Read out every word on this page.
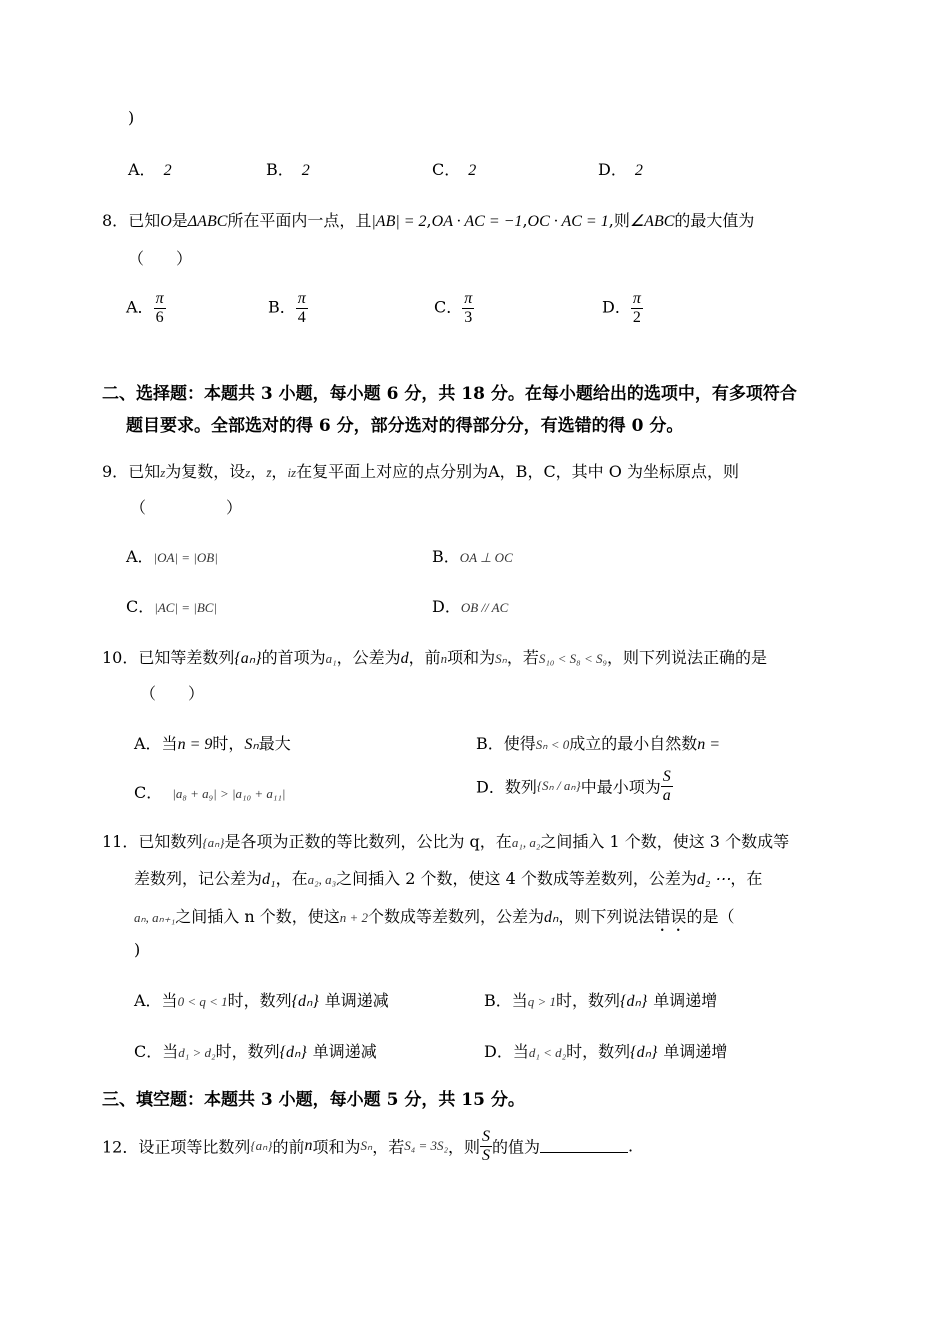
)
A． 2	B． 2	C． 2	D． 2
8．已知O是ΔABC所在平面内一点，且|AB| = 2,OA · AC = −1,OC · AC = 1,则∠ABC的最大值为
（　　）
A． $\frac{\pi}{6}$	B． $\frac{\pi}{4}$	C． $\frac{\pi}{3}$	D． $\frac{\pi}{2}$
二、选择题：本题共 3 小题，每小题 6 分，共 18 分。在每小题给出的选项中，有多项符合
题目要求。全部选对的得 6 分，部分选对的得部分分，有选错的得 0 分。
9．已知z为复数，设z，z̄，iz在复平面上对应的点分别为A，B，C，其中 O 为坐标原点，则
（　　　　　）
A．|OA| = |OB|	B．OA ⊥ OC
C．|AC| = |BC|	D．OB // AC
10．已知等差数列{aₙ}的首项为a₁，公差为d，前n项和为Sₙ，若S₁₀ < S₈ < S₉，则下列说法正确的是
（　　）
A．当n = 9时，Sₙ最大	B．使得Sₙ < 0成立的最小自然数n =
C． |a₈ + a₉| > |a₁₀ + a₁₁|	D．数列{Sₙ / aₙ}中最小项为 $\frac{S}{a}$
11．已知数列{aₙ}是各项为正数的等比数列，公比为 q，在a₁, a₂之间插入 1 个数，使这 3 个数成等
差数列，记公差为d₁，在a₂, a₃之间插入 2 个数，使这 4 个数成等差数列，公差为d₂ ⋯，在
aₙ, aₙ₊₁之间插入 n 个数，使这n + 2个数成等差数列，公差为dₙ，则下列说法错误的是（
)
A．当0 < q < 1时，数列{dₙ} 单调递减	B．当q > 1时，数列{dₙ} 单调递增
C．当d₁ > d₂时，数列{dₙ} 单调递减	D．当d₁ < d₂时，数列{dₙ} 单调递增
三、填空题：本题共 3 小题，每小题 5 分，共 15 分。
12．设正项等比数列{aₙ}的前n项和为Sₙ，若S₄ = 3S₂，则 $\frac{S}{S}$ 的值为	.
